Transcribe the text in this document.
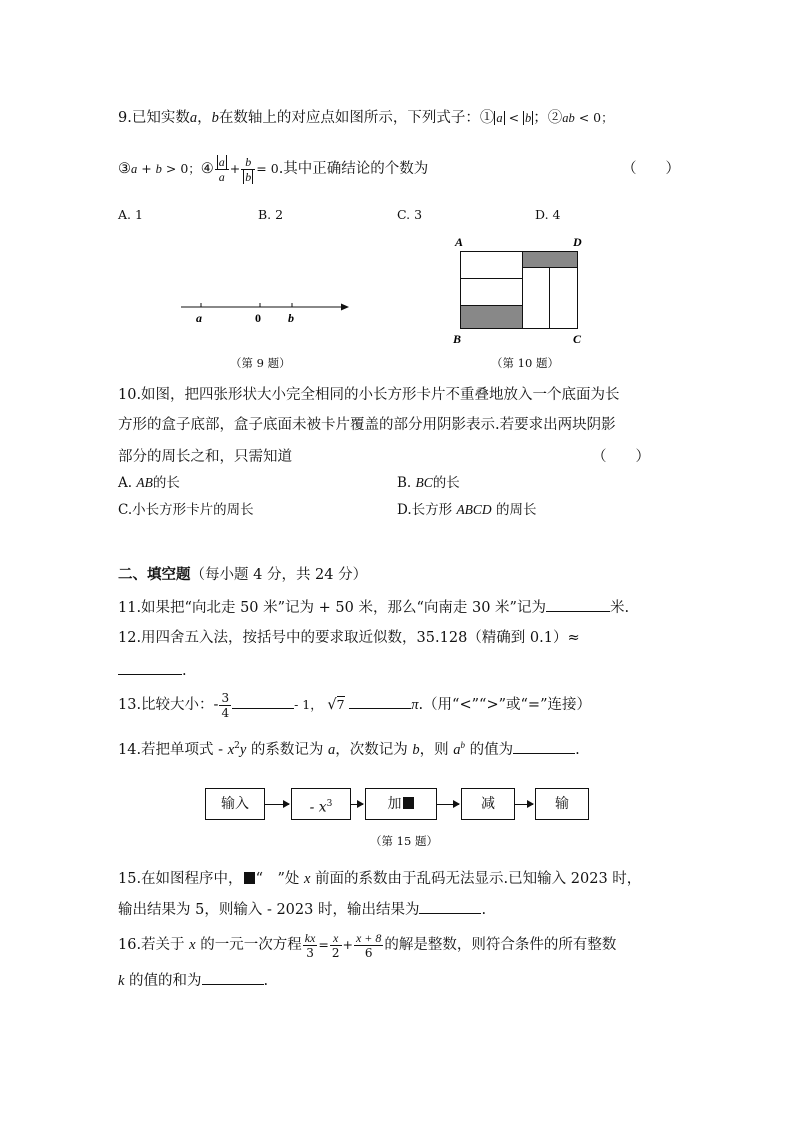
9.已知实数a，b在数轴上的对应点如图所示，下列式子：① a < b ；②ab < 0；
③a + b > 0；④ $\frac{a}{a} + \frac{b}{b} = 0$.其中正确结论的个数为	（　　）
A. 1	B. 2	C. 3	D. 4
a	0 b
A	D
B	C
（第 9 题）	（第 10 题）
10.如图，把四张形状大小完全相同的小长方形卡片不重叠地放入一个底面为长
方形的盒子底部，盒子底面未被卡片覆盖的部分用阴影表示.若要求出两块阴影
部分的周长之和，只需知道	（　　）
A. AB的长	B. BC的长
C.小长方形卡片的周长	D.长方形 ABCD 的周长
二、填空题（每小题 4 分，共 24 分）
11.如果把“向北走 50 米”记为 + 50 米，那么“向南走 30 米”记为	米.
12.用四舍五入法，按括号中的要求取近似数，35.128（精确到 0.1）≈
.
13.比较大小：- $\frac{3}{4}$	- 1， √7	π.（用“<”“>”或“=”连接）
14.若把单项式 - $x^2y$ 的系数记为 a，次数记为 b，则 $a^b$ 的值为	.
输入	- $x^3$	加	减	输
（第 15 题）
15.在如图程序中， “　”处 x 前面的系数由于乱码无法显示.已知输入 2023 时，
输出结果为 5，则输入 - 2023 时，输出结果为	.
16.若关于 x 的一元一次方程 $\frac{kx}{3} = \frac{x}{2} + \frac{x + 8}{6}$ 的解是整数，则符合条件的所有整数
k 的值的和为	.
